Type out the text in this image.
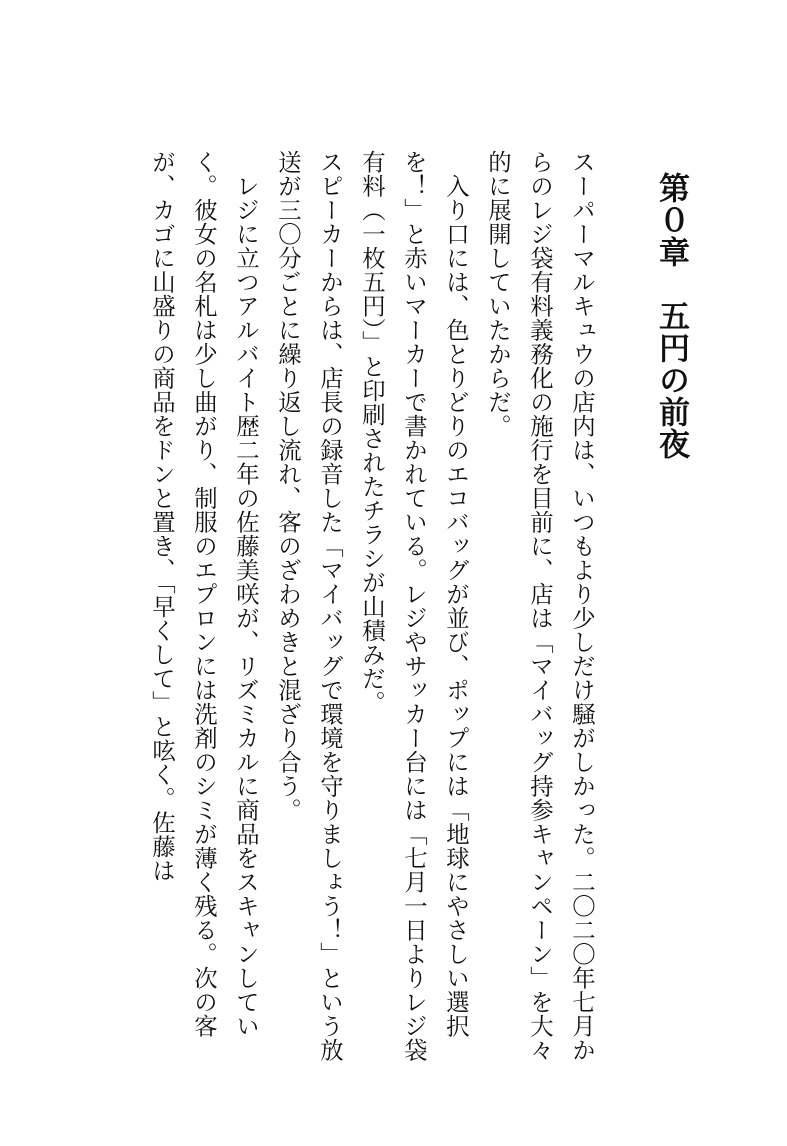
第０章　五円の前夜

スーパーマルキュウの店内は、いつもより少しだけ騒がしかった。二〇二〇年七月からのレジ袋有料義務化の施行を目前に、店は「マイバッグ持参キャンペーン」を大々的に展開していたからだ。

　入り口には、色とりどりのエコバッグが並び、ポップには「地球にやさしい選択を！」と赤いマーカーで書かれている。レジやサッカー台には「七月一日よりレジ袋有料（一枚五円）」と印刷されたチラシが山積みだ。

スピーカーからは、店長の録音した「マイバッグで環境を守りましょう！」という放送が三〇分ごとに繰り返し流れ、客のざわめきと混ざり合う。

　レジに立つアルバイト歴二年の佐藤美咲が、リズミカルに商品をスキャンしていく。彼女の名札は少し曲がり、制服のエプロンには洗剤のシミが薄く残る。次の客が、カゴに山盛りの商品をドンと置き、「早くして」と呟く。佐藤は
